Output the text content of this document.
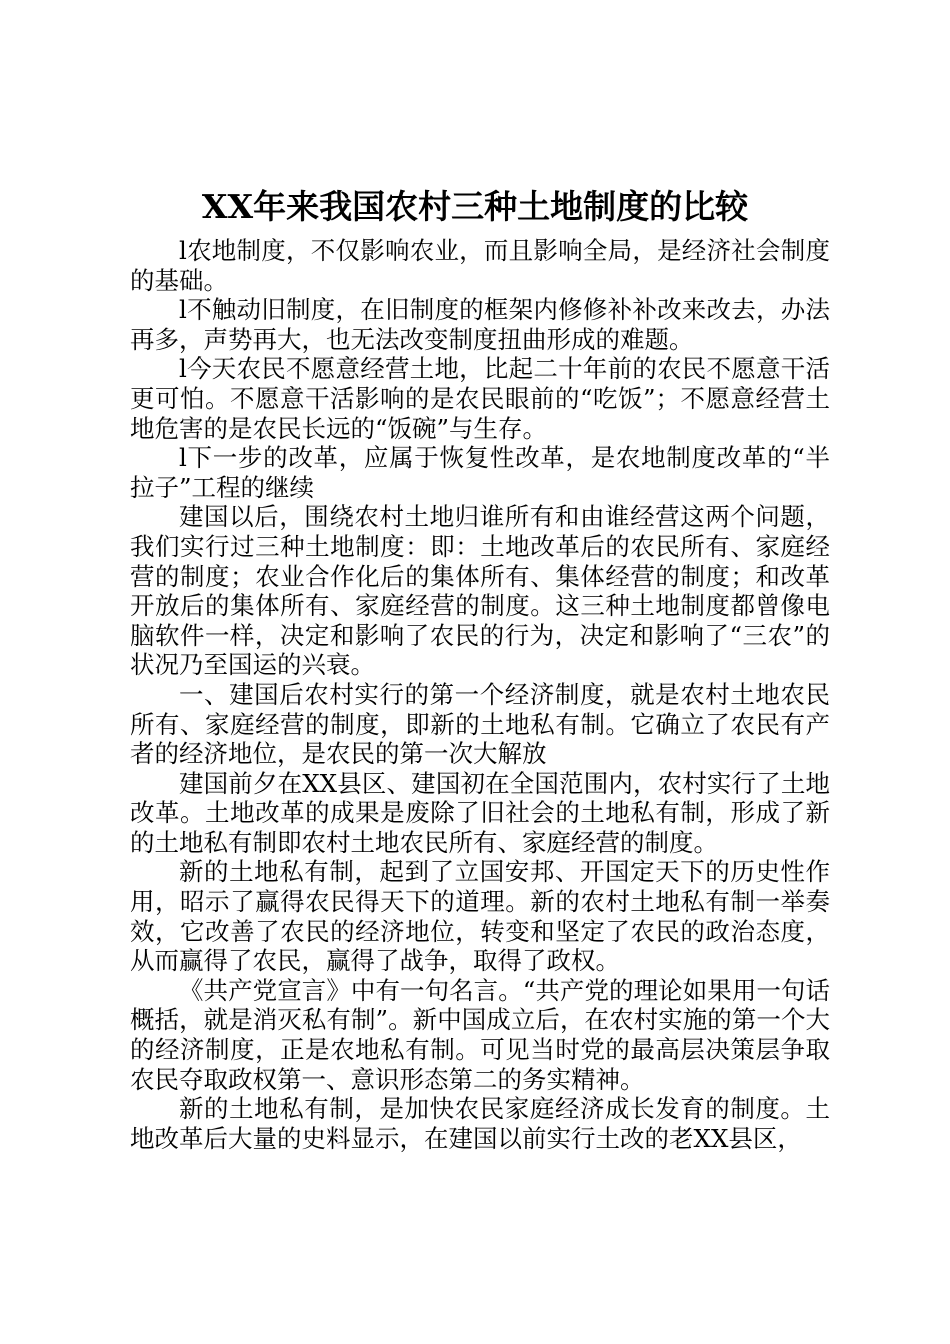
XX年来我国农村三种土地制度的比较

l农地制度，不仅影响农业，而且影响全局，是经济社会制度的基础。

l不触动旧制度，在旧制度的框架内修修补补改来改去，办法再多，声势再大，也无法改变制度扭曲形成的难题。

l今天农民不愿意经营土地，比起二十年前的农民不愿意干活更可怕。不愿意干活影响的是农民眼前的“吃饭”；不愿意经营土地危害的是农民长远的“饭碗”与生存。

l下一步的改革，应属于恢复性改革，是农地制度改革的“半拉子”工程的继续

建国以后，围绕农村土地归谁所有和由谁经营这两个问题，我们实行过三种土地制度：即：土地改革后的农民所有、家庭经营的制度；农业合作化后的集体所有、集体经营的制度；和改革开放后的集体所有、家庭经营的制度。这三种土地制度都曾像电脑软件一样，决定和影响了农民的行为，决定和影响了“三农”的状况乃至国运的兴衰。

一、建国后农村实行的第一个经济制度，就是农村土地农民所有、家庭经营的制度，即新的土地私有制。它确立了农民有产者的经济地位，是农民的第一次大解放

建国前夕在XX县区、建国初在全国范围内，农村实行了土地改革。土地改革的成果是废除了旧社会的土地私有制，形成了新的土地私有制即农村土地农民所有、家庭经营的制度。

新的土地私有制，起到了立国安邦、开国定天下的历史性作用，昭示了赢得农民得天下的道理。新的农村土地私有制一举奏效，它改善了农民的经济地位，转变和坚定了农民的政治态度，从而赢得了农民，赢得了战争，取得了政权。

《共产党宣言》中有一句名言。“共产党的理论如果用一句话概括，就是消灭私有制”。新中国成立后，在农村实施的第一个大的经济制度，正是农地私有制。可见当时党的最高层决策层争取农民夺取政权第一、意识形态第二的务实精神。

新的土地私有制，是加快农民家庭经济成长发育的制度。土地改革后大量的史料显示，在建国以前实行土改的老XX县区，
